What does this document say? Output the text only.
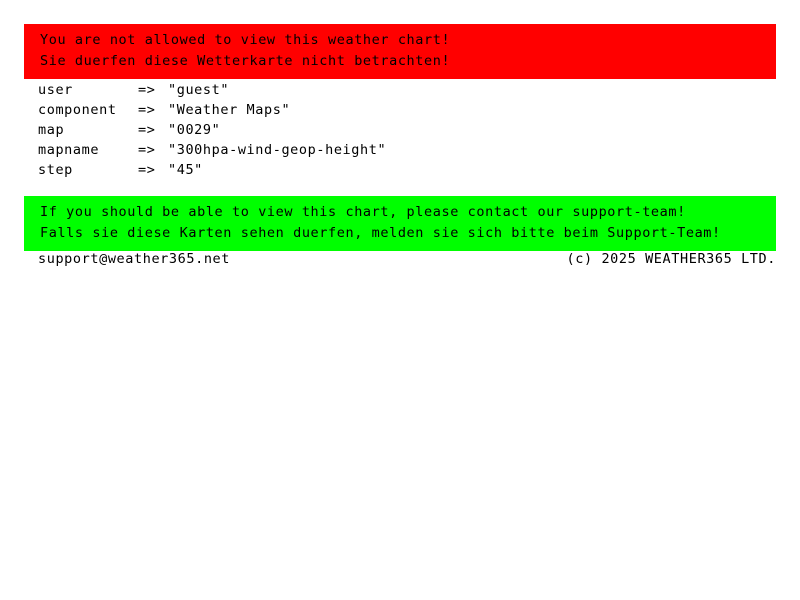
You are not allowed to view this weather chart!
Sie duerfen diese Wetterkarte nicht betrachten!
user	=> "guest"
component	=> "Weather Maps"
map	=> "0029"
mapname	=> "300hpa-wind-geop-height"
step	=> "45"
If you should be able to view this chart, please contact our support-team!
Falls sie diese Karten sehen duerfen, melden sie sich bitte beim Support-Team!
support@weather365.net	(c) 2025 WEATHER365 LTD.
